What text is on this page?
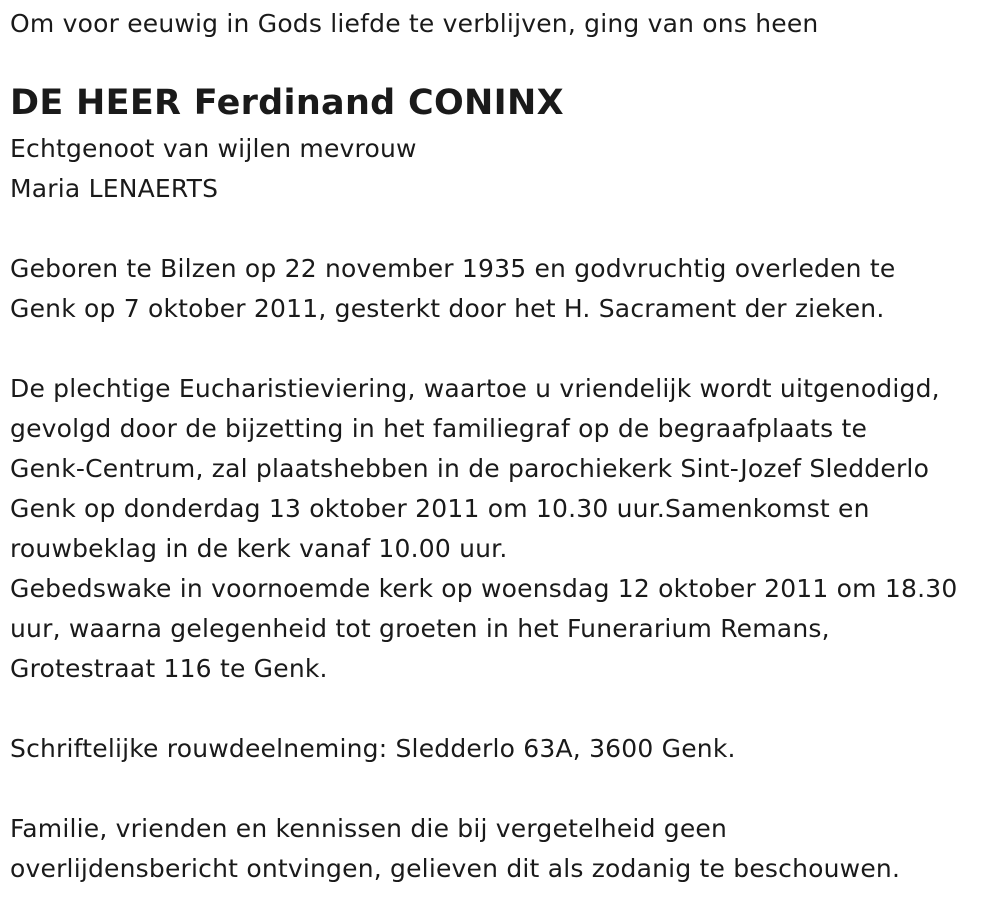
Om voor eeuwig in Gods liefde te verblijven, ging van ons heen
DE HEER Ferdinand CONINX
Echtgenoot van wijlen mevrouw
Maria LENAERTS
Geboren te Bilzen op 22 november 1935 en godvruchtig overleden te
Genk op 7 oktober 2011, gesterkt door het H. Sacrament der zieken.
De plechtige Eucharistieviering, waartoe u vriendelijk wordt uitgenodigd,
gevolgd door de bijzetting in het familiegraf op de begraafplaats te
Genk-Centrum, zal plaatshebben in de parochiekerk Sint-Jozef Sledderlo
Genk op donderdag 13 oktober 2011 om 10.30 uur.Samenkomst en
rouwbeklag in de kerk vanaf 10.00 uur.
Gebedswake in voornoemde kerk op woensdag 12 oktober 2011 om 18.30
uur, waarna gelegenheid tot groeten in het Funerarium Remans,
Grotestraat 116 te Genk.
Schriftelijke rouwdeelneming: Sledderlo 63A, 3600 Genk.
Familie, vrienden en kennissen die bij vergetelheid geen
overlijdensbericht ontvingen, gelieven dit als zodanig te beschouwen.
